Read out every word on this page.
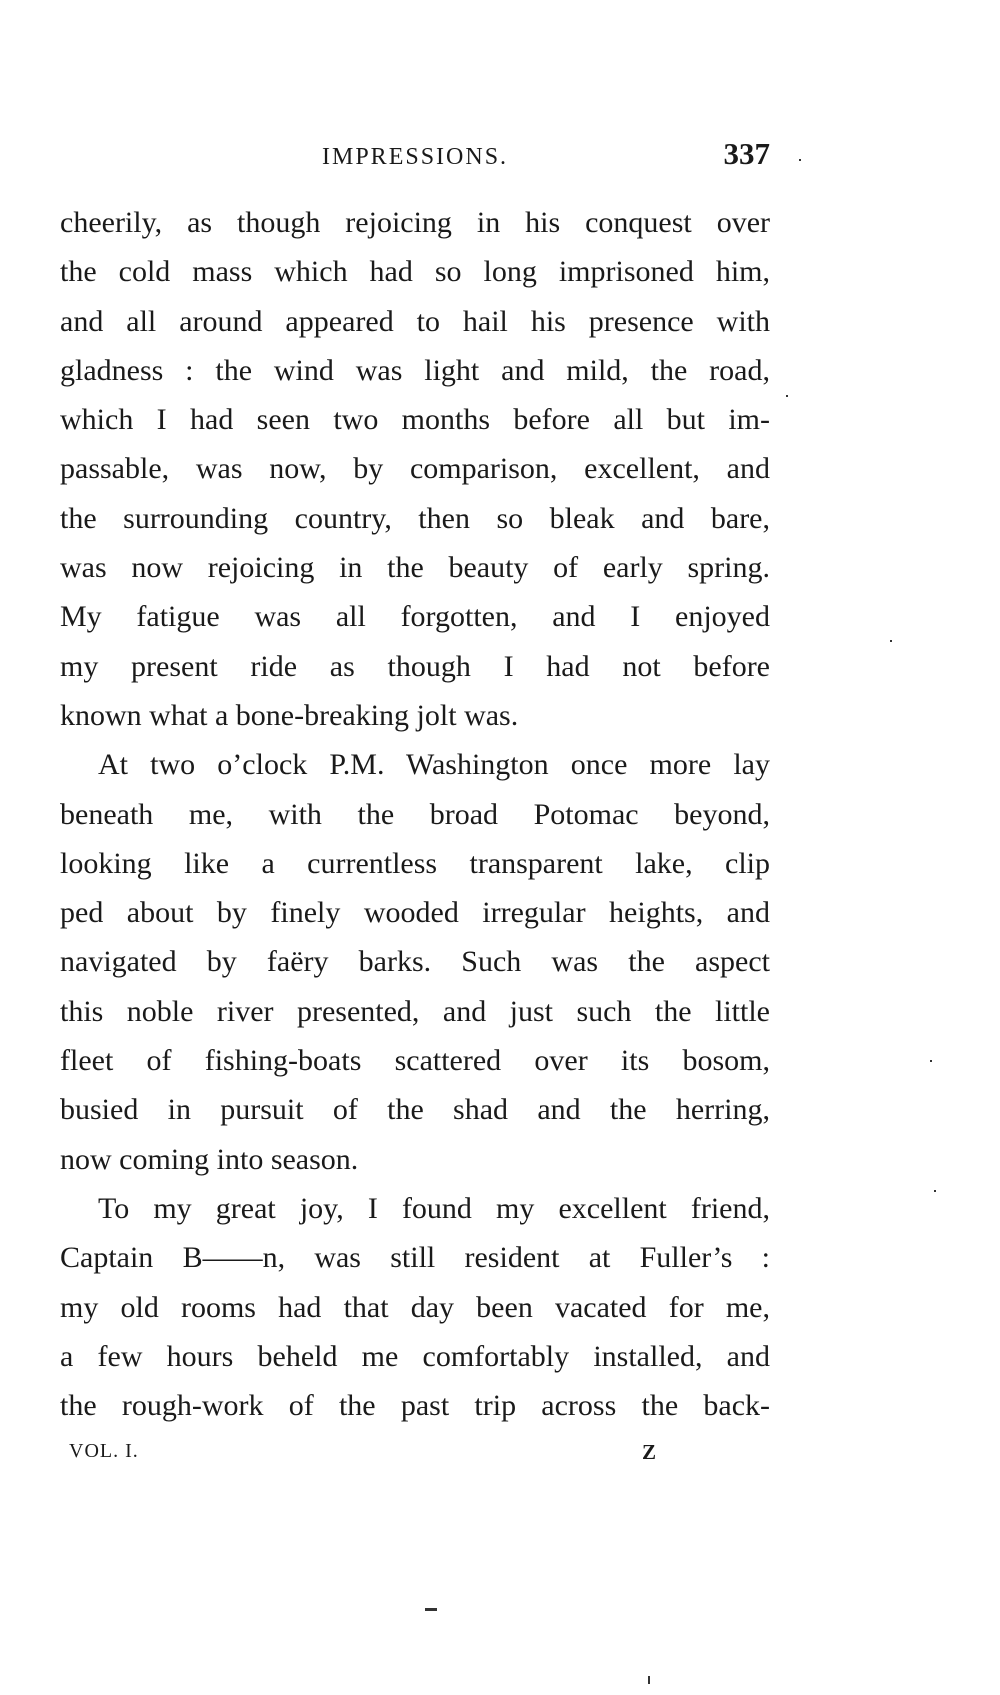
IMPRESSIONS.	337
cheerily, as though rejoicing in his conquest over
the cold mass which had so long imprisoned him,
and all around appeared to hail his presence with
gladness : the wind was light and mild, the road,
which I had seen two months before all but im-
passable, was now, by comparison, excellent, and
the surrounding country, then so bleak and bare,
was now rejoicing in the beauty of early spring.
My fatigue was all forgotten, and I enjoyed
my present ride as though I had not before
known what a bone-breaking jolt was.
At two o’clock P.M. Washington once more lay
beneath me, with the broad Potomac beyond,
looking like a currentless transparent lake, clip
ped about by finely wooded irregular heights, and
navigated by faëry barks. Such was the aspect
this noble river presented, and just such the little
fleet of fishing-boats scattered over its bosom,
busied in pursuit of the shad and the herring,
now coming into season.
To my great joy, I found my excellent friend,
Captain B——n, was still resident at Fuller’s :
my old rooms had that day been vacated for me,
a few hours beheld me comfortably installed, and
the rough-work of the past trip across the back-
VOL. I.	Z
